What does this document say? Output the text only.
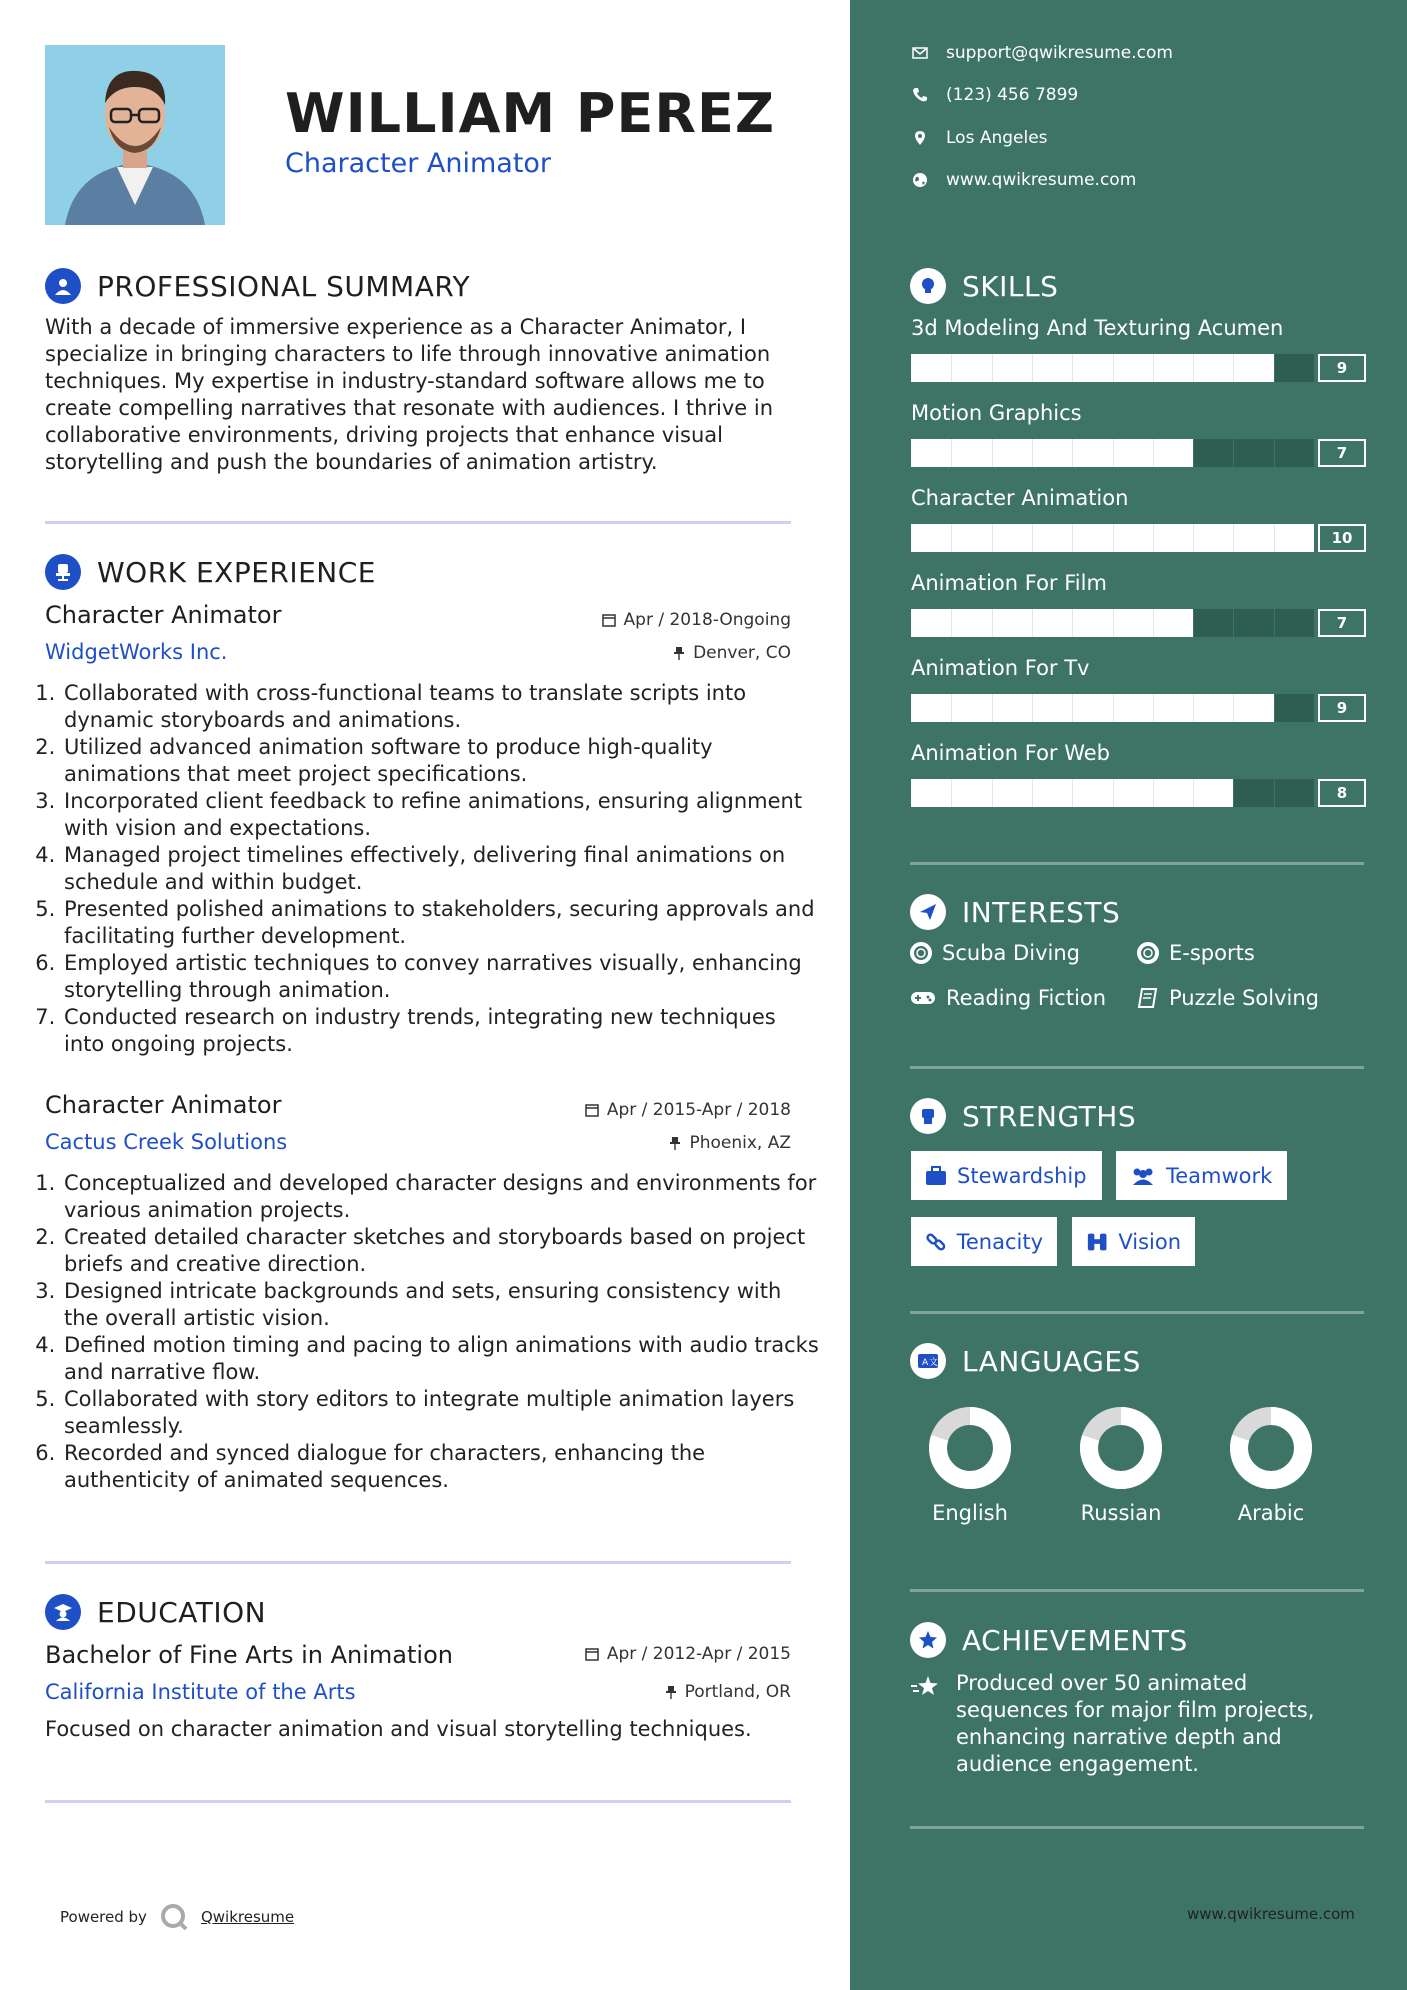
WILLIAM PEREZ
Character Animator
PROFESSIONAL SUMMARY
With a decade of immersive experience as a Character Animator, I specialize in bringing characters to life through innovative animation techniques. My expertise in industry-standard software allows me to create compelling narratives that resonate with audiences. I thrive in collaborative environments, driving projects that enhance visual storytelling and push the boundaries of animation artistry.
WORK EXPERIENCE
Character Animator	Apr / 2018-Ongoing
WidgetWorks Inc.	Denver, CO
1. Collaborated with cross-functional teams to translate scripts into dynamic storyboards and animations.
2. Utilized advanced animation software to produce high-quality animations that meet project specifications.
3. Incorporated client feedback to refine animations, ensuring alignment with vision and expectations.
4. Managed project timelines effectively, delivering final animations on schedule and within budget.
5. Presented polished animations to stakeholders, securing approvals and facilitating further development.
6. Employed artistic techniques to convey narratives visually, enhancing storytelling through animation.
7. Conducted research on industry trends, integrating new techniques into ongoing projects.
Character Animator	Apr / 2015-Apr / 2018
Cactus Creek Solutions	Phoenix, AZ
1. Conceptualized and developed character designs and environments for various animation projects.
2. Created detailed character sketches and storyboards based on project briefs and creative direction.
3. Designed intricate backgrounds and sets, ensuring consistency with the overall artistic vision.
4. Defined motion timing and pacing to align animations with audio tracks and narrative flow.
5. Collaborated with story editors to integrate multiple animation layers seamlessly.
6. Recorded and synced dialogue for characters, enhancing the authenticity of animated sequences.
EDUCATION
Bachelor of Fine Arts in Animation	Apr / 2012-Apr / 2015
California Institute of the Arts	Portland, OR
Focused on character animation and visual storytelling techniques.
Powered by	Qwikresume
support@qwikresume.com
(123) 456 7899
Los Angeles
www.qwikresume.com
SKILLS
3d Modeling And Texturing Acumen
9
Motion Graphics
7
Character Animation
10
Animation For Film
7
Animation For Tv
9
Animation For Web
8
INTERESTS
Scuba Diving	E-sports
Reading Fiction	Puzzle Solving
STRENGTHS
Stewardship	Teamwork
Tenacity	Vision
A 文 LANGUAGES
English	Russian	Arabic
ACHIEVEMENTS
Produced over 50 animated sequences for major film projects, enhancing narrative depth and audience engagement.
www.qwikresume.com
